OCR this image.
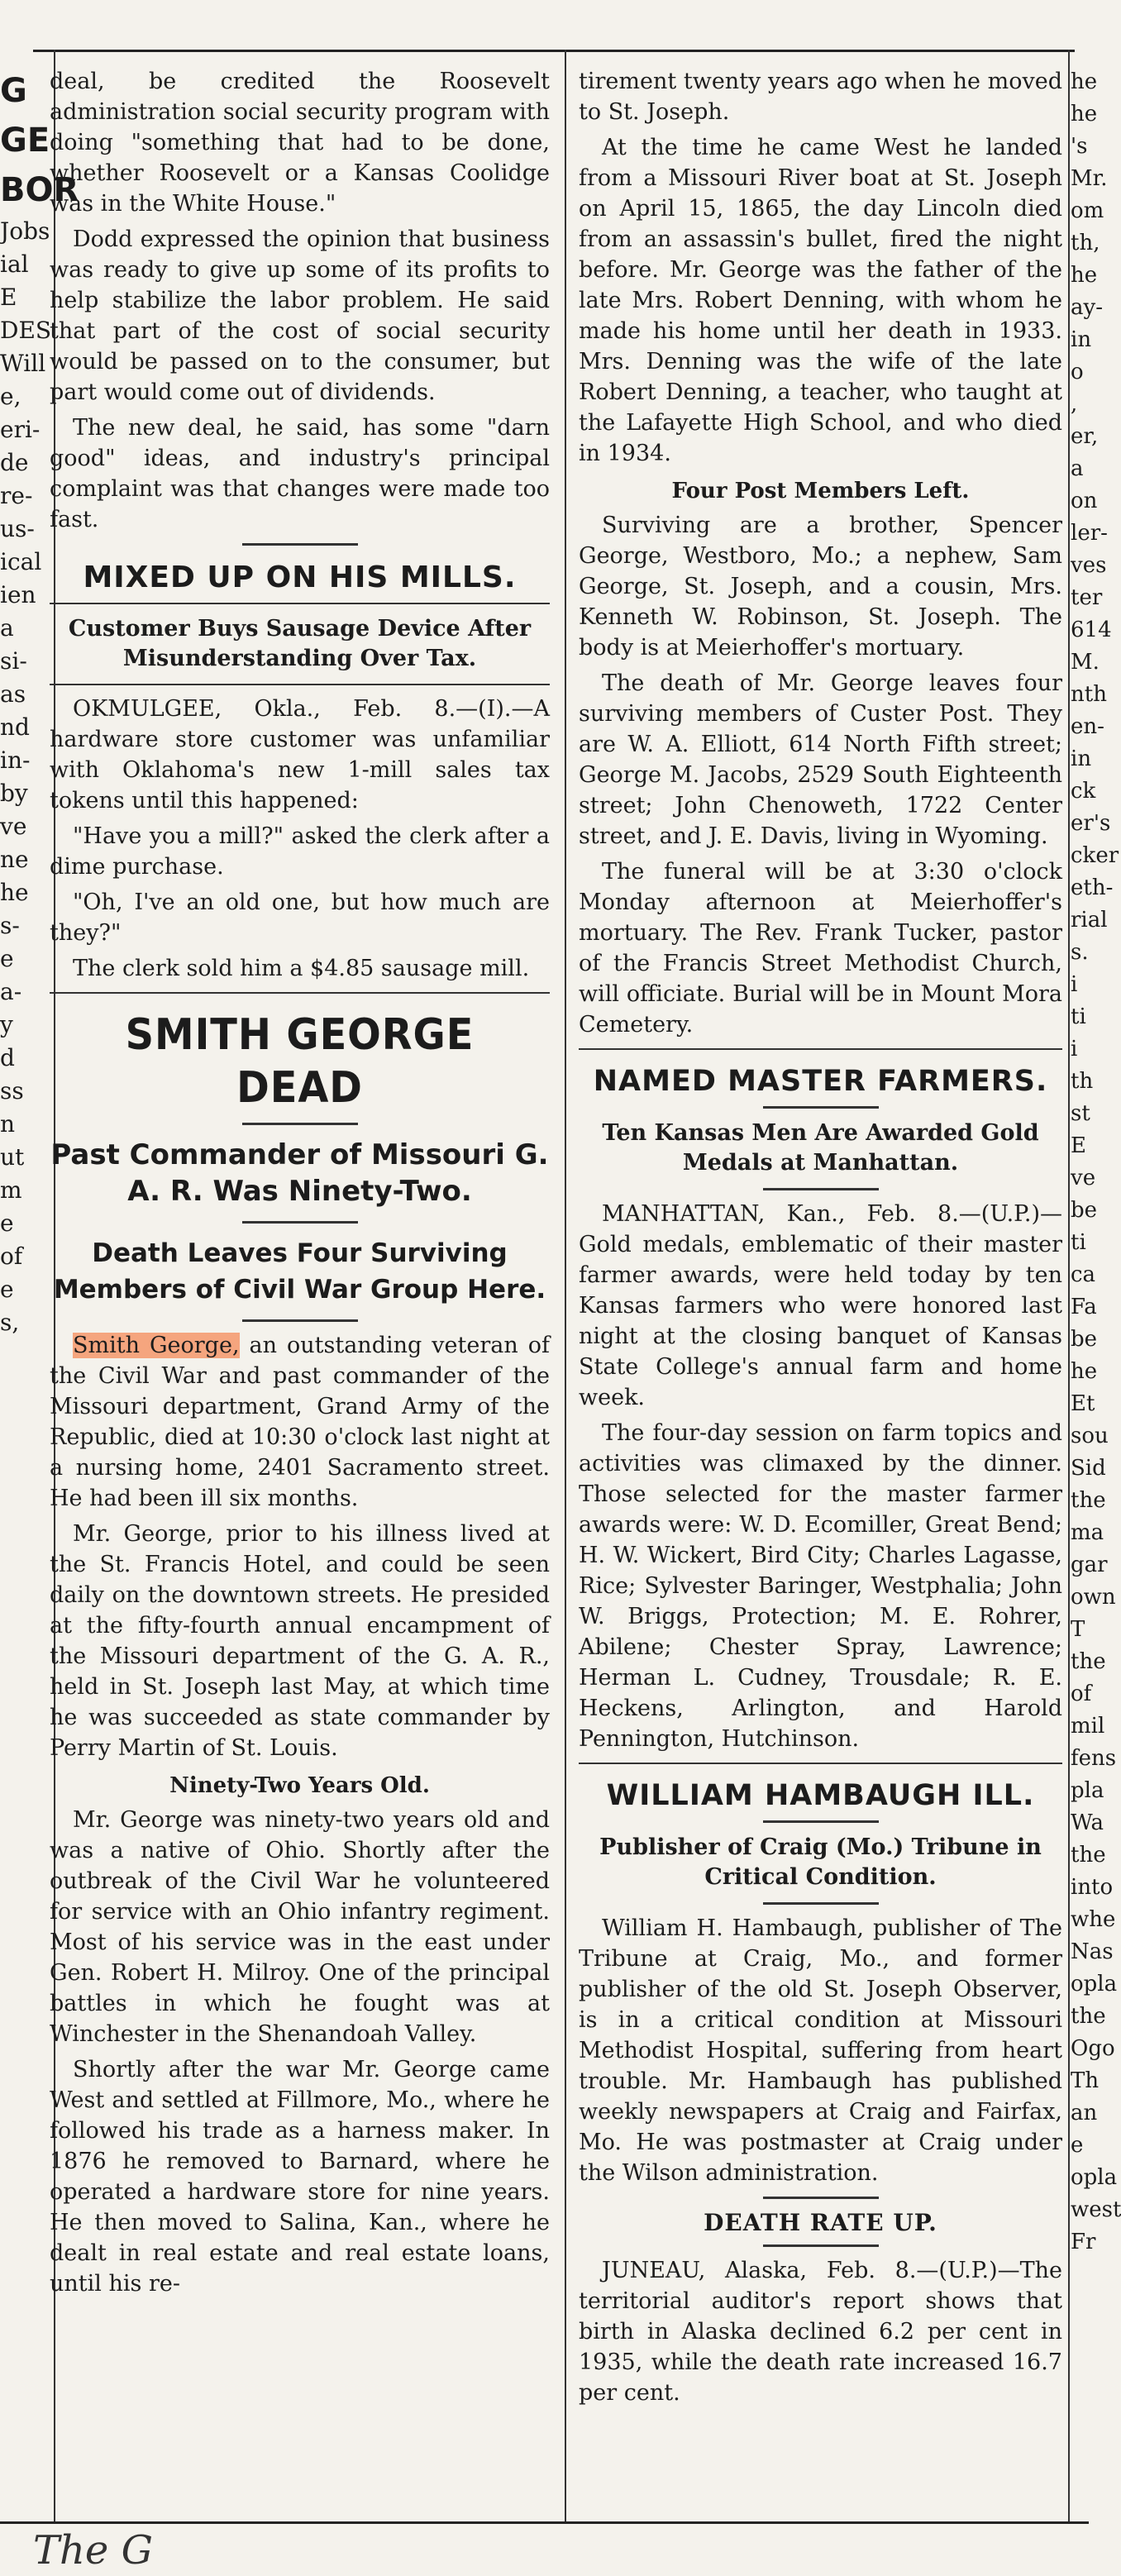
G
GE
BOR
Jobs
ial
E
DES
Will
e,
eri-
de
re-
us-
ical
ien
a
si-
as
nd
in-
by
ve
ne
he
s-
e
a-
y
d
ss
n
ut
m
e
of
e
s,

deal, be credited the Roosevelt administration social security program with doing "something that had to be done, whether Roosevelt or a Kansas Coolidge was in the White House."

Dodd expressed the opinion that business was ready to give up some of its profits to help stabilize the labor problem. He said that part of the cost of social security would be passed on to the consumer, but part would come out of dividends.

The new deal, he said, has some "darn good" ideas, and industry's principal complaint was that changes were made too fast.

MIXED UP ON HIS MILLS.
Customer Buys Sausage Device After Misunderstanding Over Tax.

OKMULGEE, Okla., Feb. 8.—(I).—A hardware store customer was unfamiliar with Oklahoma's new 1-mill sales tax tokens until this happened:

"Have you a mill?" asked the clerk after a dime purchase.

"Oh, I've an old one, but how much are they?"

The clerk sold him a $4.85 sausage mill.

SMITH GEORGE DEAD
Past Commander of Missouri G. A. R. Was Ninety-Two.
Death Leaves Four Surviving Members of Civil War Group Here.

Smith George, an outstanding veteran of the Civil War and past commander of the Missouri department, Grand Army of the Republic, died at 10:30 o'clock last night at a nursing home, 2401 Sacramento street. He had been ill six months.

Mr. George, prior to his illness lived at the St. Francis Hotel, and could be seen daily on the downtown streets. He presided at the fifty-fourth annual encampment of the Missouri department of the G. A. R., held in St. Joseph last May, at which time he was succeeded as state commander by Perry Martin of St. Louis.

Ninety-Two Years Old.

Mr. George was ninety-two years old and was a native of Ohio. Shortly after the outbreak of the Civil War he volunteered for service with an Ohio infantry regiment. Most of his service was in the east under Gen. Robert H. Milroy. One of the principal battles in which he fought was at Winchester in the Shenandoah Valley.

Shortly after the war Mr. George came West and settled at Fillmore, Mo., where he followed his trade as a harness maker. In 1876 he removed to Barnard, where he operated a hardware store for nine years. He then moved to Salina, Kan., where he dealt in real estate and real estate loans, until his re-

tirement twenty years ago when he moved to St. Joseph.

At the time he came West he landed from a Missouri River boat at St. Joseph on April 15, 1865, the day Lincoln died from an assassin's bullet, fired the night before. Mr. George was the father of the late Mrs. Robert Denning, with whom he made his home until her death in 1933. Mrs. Denning was the wife of the late Robert Denning, a teacher, who taught at the Lafayette High School, and who died in 1934.

Four Post Members Left.

Surviving are a brother, Spencer George, Westboro, Mo.; a nephew, Sam George, St. Joseph, and a cousin, Mrs. Kenneth W. Robinson, St. Joseph. The body is at Meierhoffer's mortuary.

The death of Mr. George leaves four surviving members of Custer Post. They are W. A. Elliott, 614 North Fifth street; George M. Jacobs, 2529 South Eighteenth street; John Chenoweth, 1722 Center street, and J. E. Davis, living in Wyoming.

The funeral will be at 3:30 o'clock Monday afternoon at Meierhoffer's mortuary. The Rev. Frank Tucker, pastor of the Francis Street Methodist Church, will officiate. Burial will be in Mount Mora Cemetery.

NAMED MASTER FARMERS.
Ten Kansas Men Are Awarded Gold Medals at Manhattan.

MANHATTAN, Kan., Feb. 8.—(U.P.)—Gold medals, emblematic of their master farmer awards, were held today by ten Kansas farmers who were honored last night at the closing banquet of Kansas State College's annual farm and home week.

The four-day session on farm topics and activities was climaxed by the dinner. Those selected for the master farmer awards were: W. D. Ecomiller, Great Bend; H. W. Wickert, Bird City; Charles Lagasse, Rice; Sylvester Baringer, Westphalia; John W. Briggs, Protection; M. E. Rohrer, Abilene; Chester Spray, Lawrence; Herman L. Cudney, Trousdale; R. E. Heckens, Arlington, and Harold Pennington, Hutchinson.

WILLIAM HAMBAUGH ILL.
Publisher of Craig (Mo.) Tribune in Critical Condition.

William H. Hambaugh, publisher of The Tribune at Craig, Mo., and former publisher of the old St. Joseph Observer, is in a critical condition at Missouri Methodist Hospital, suffering from heart trouble. Mr. Hambaugh has published weekly newspapers at Craig and Fairfax, Mo. He was postmaster at Craig under the Wilson administration.

DEATH RATE UP.

JUNEAU, Alaska, Feb. 8.—(U.P.)—The territorial auditor's report shows that birth in Alaska declined 6.2 per cent in 1935, while the death rate increased 16.7 per cent.

he
he
's
Mr.
om
th,
he
ay-
in
o
,
er,
a
on
ler-
ves
ter
614
M.
nth
en-
in
ck
er's
cker
eth-
rial
s.
i
ti
i
th
st
E
ve
be
ti
ca
Fa
be
he
Et
sou
Sid
the
ma
gar
own
T
the
of
mil
fens
pla
Wa
the
into
whe
Nas
opla
the
Ogo
Th
an e
opla
west
Fr
The G
